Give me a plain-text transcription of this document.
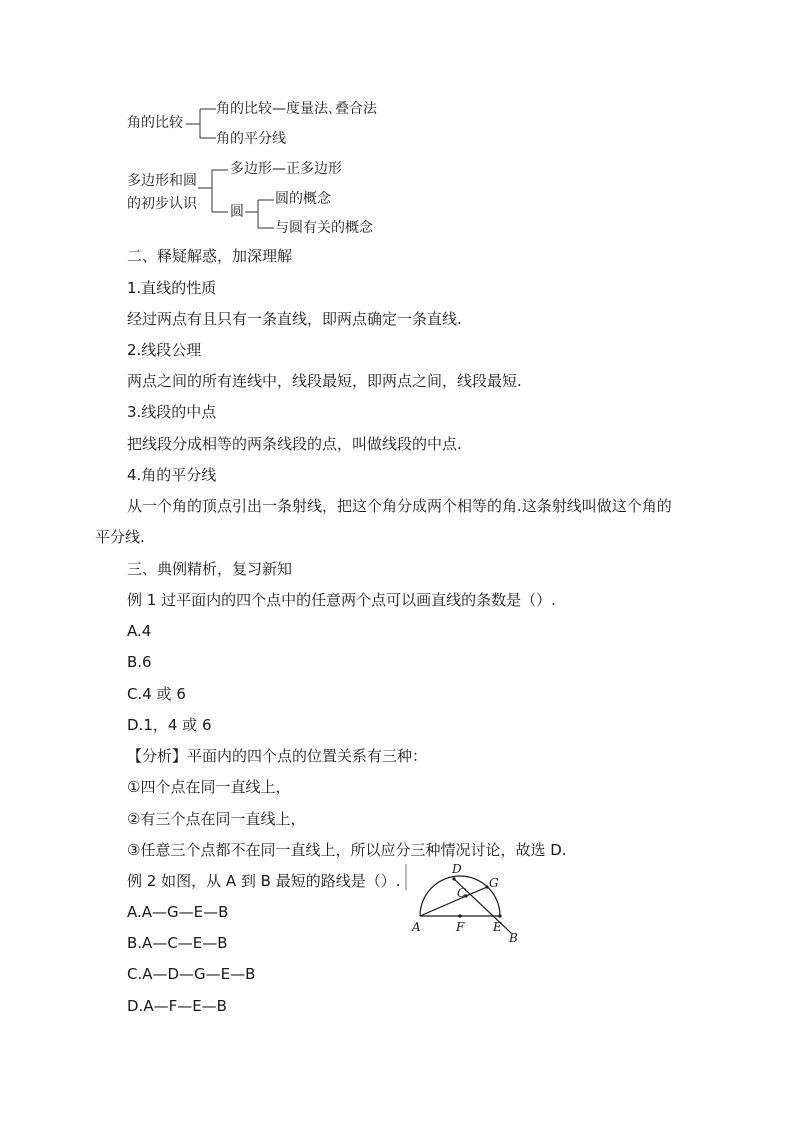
角的比较
角的比较—度量法､叠合法
角的平分线
多边形和圆
的初步认识
多边形—正多边形
圆
圆的概念
与圆有关的概念
二、释疑解惑，加深理解
1.直线的性质
经过两点有且只有一条直线，即两点确定一条直线.
2.线段公理
两点之间的所有连线中，线段最短，即两点之间，线段最短.
3.线段的中点
把线段分成相等的两条线段的点，叫做线段的中点.
4.角的平分线
从一个角的顶点引出一条射线，把这个角分成两个相等的角.这条射线叫做这个角的
平分线.
三、典例精析，复习新知
例 1 过平面内的四个点中的任意两个点可以画直线的条数是（）.
A.4
B.6
C.4 或 6
D.1，4 或 6
【分析】平面内的四个点的位置关系有三种：
①四个点在同一直线上，
②有三个点在同一直线上，
③任意三个点都不在同一直线上，所以应分三种情况讨论，故选 D.
例 2 如图，从 A 到 B 最短的路线是（）.
A.A—G—E—B
B.A—C—E—B
C.A—D—G—E—B
D.A—F—E—B
A
D
C
G
F E
B
